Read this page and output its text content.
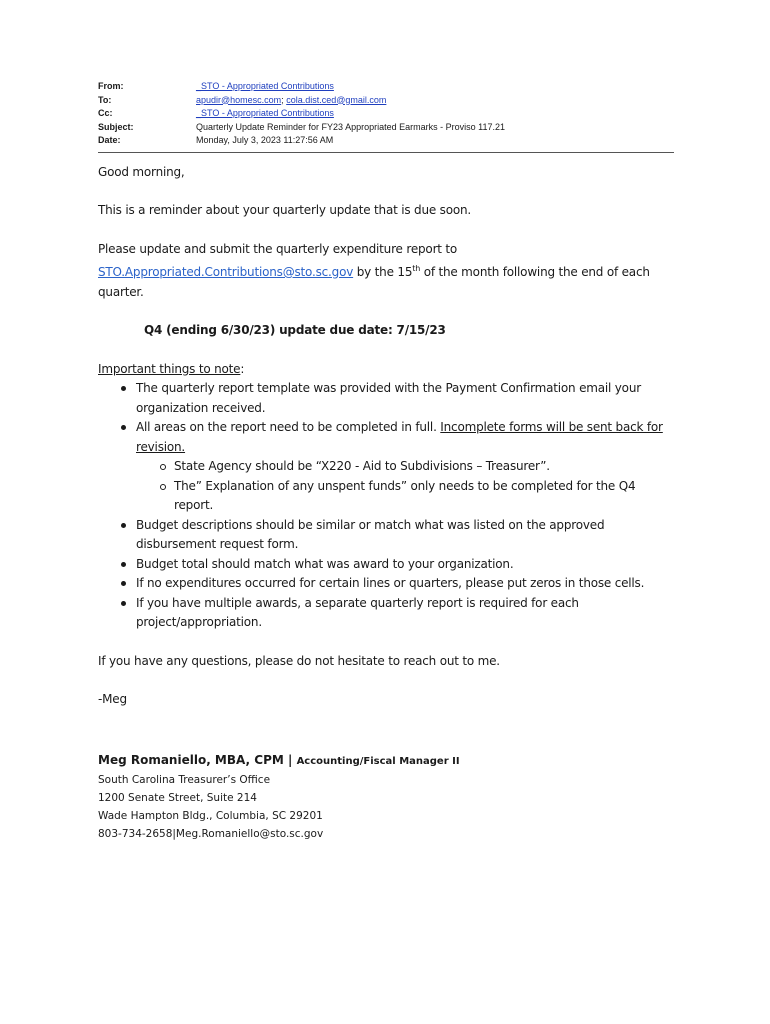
From:	_STO - Appropriated Contributions
To:	apudir@homesc.com; cola.dist.ced@gmail.com
Cc:	_STO - Appropriated Contributions
Subject:	Quarterly Update Reminder for FY23 Appropriated Earmarks - Proviso 117.21
Date:	Monday, July 3, 2023 11:27:56 AM

Good morning,

This is a reminder about your quarterly update that is due soon.

Please update and submit the quarterly expenditure report to
STO.Appropriated.Contributions@sto.sc.gov by the 15th of the month following the end of each
quarter.

Q4 (ending 6/30/23) update due date: 7/15/23

Important things to note:

The quarterly report template was provided with the Payment Confirmation email your organization received.
All areas on the report need to be completed in full. Incomplete forms will be sent back for revision.
State Agency should be “X220 - Aid to Subdivisions – Treasurer”.
The” Explanation of any unspent funds” only needs to be completed for the Q4 report.
Budget descriptions should be similar or match what was listed on the approved disbursement request form.
Budget total should match what was award to your organization.
If no expenditures occurred for certain lines or quarters, please put zeros in those cells.
If you have multiple awards, a separate quarterly report is required for each project/appropriation.

If you have any questions, please do not hesitate to reach out to me.

-Meg

Meg Romaniello, MBA, CPM | Accounting/Fiscal Manager II
South Carolina Treasurer’s Office
1200 Senate Street, Suite 214
Wade Hampton Bldg., Columbia, SC 29201
803-734-2658|Meg.Romaniello@sto.sc.gov
